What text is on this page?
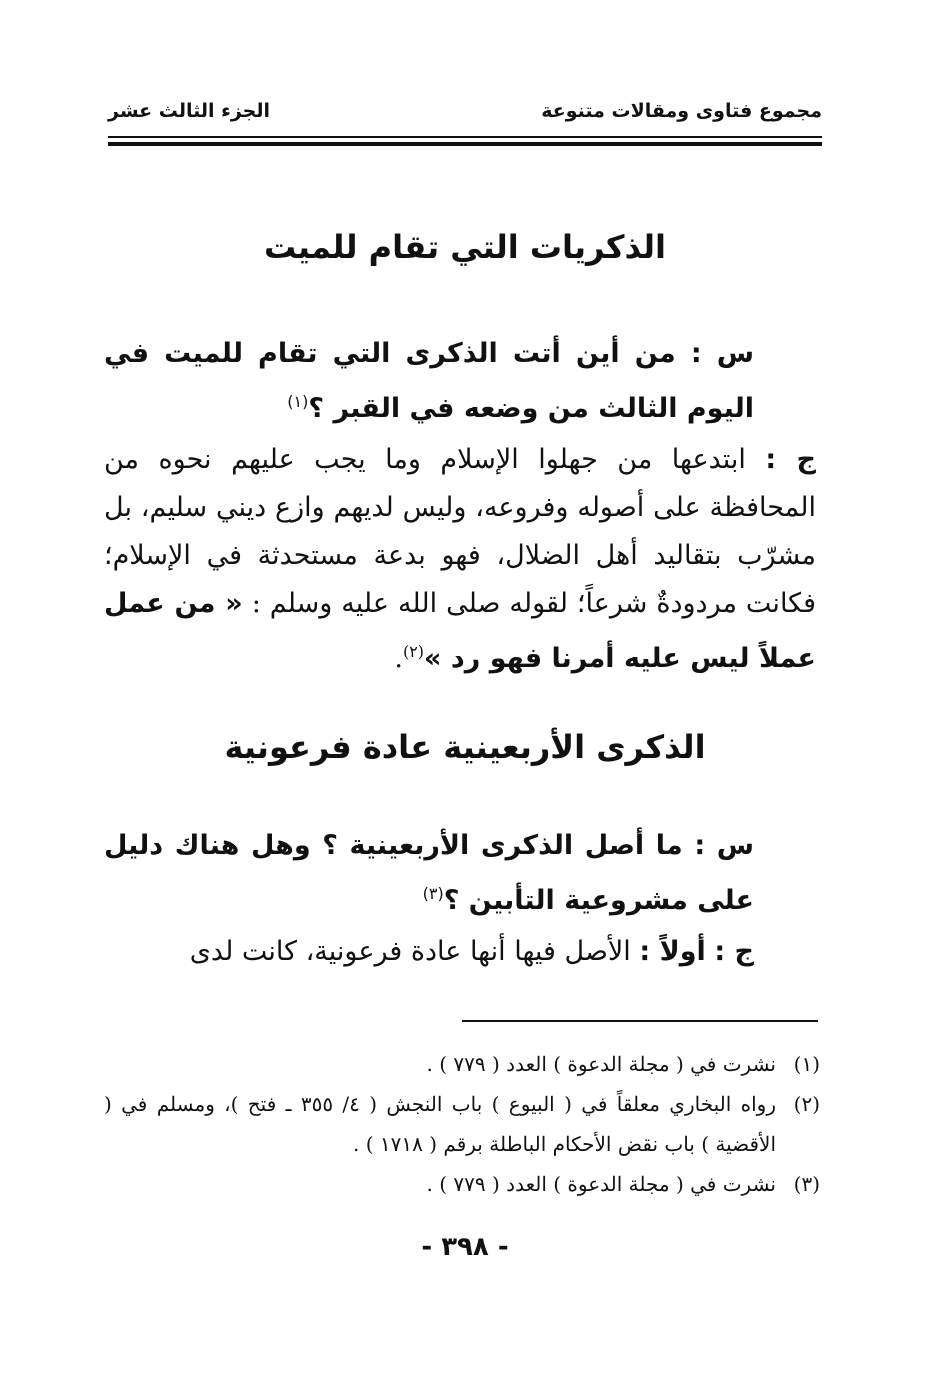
مجموع فتاوى ومقالات متنوعة
الجزء الثالث عشر
الذكريات التي تقام للميت

س : من أين أتت الذكرى التي تقام للميت في اليوم الثالث من وضعه في القبر ؟$^{(١)}$

ج : ابتدعها من جهلوا الإسلام وما يجب عليهم نحوه من المحافظة على أصوله وفروعه، وليس لديهم وازع ديني سليم، بل مشرّب بتقاليد أهل الضلال، فهو بدعة مستحدثة في الإسلام؛ فكانت مردودةٌ شرعاً؛ لقوله صلى الله عليه وسلم : « من عمل عملاً ليس عليه أمرنا فهو رد »$^{(٢)}$.

الذكرى الأربعينية عادة فرعونية

س : ما أصل الذكرى الأربعينية ؟ وهل هناك دليل على مشروعية التأبين ؟$^{(٣)}$

ج : أولاً : الأصل فيها أنها عادة فرعونية، كانت لدى

(١)
نشرت في ( مجلة الدعوة ) العدد ( ٧٧٩ ) .
(٢)
رواه البخاري معلقاً في ( البيوع ) باب النجش ( ٤/ ٣٥٥ ـ فتح )، ومسلم في ( الأقضية ) باب نقض الأحكام الباطلة برقم ( ١٧١٨ ) .
(٣)
نشرت في ( مجلة الدعوة ) العدد ( ٧٧٩ ) .
- ٣٩٨ -
